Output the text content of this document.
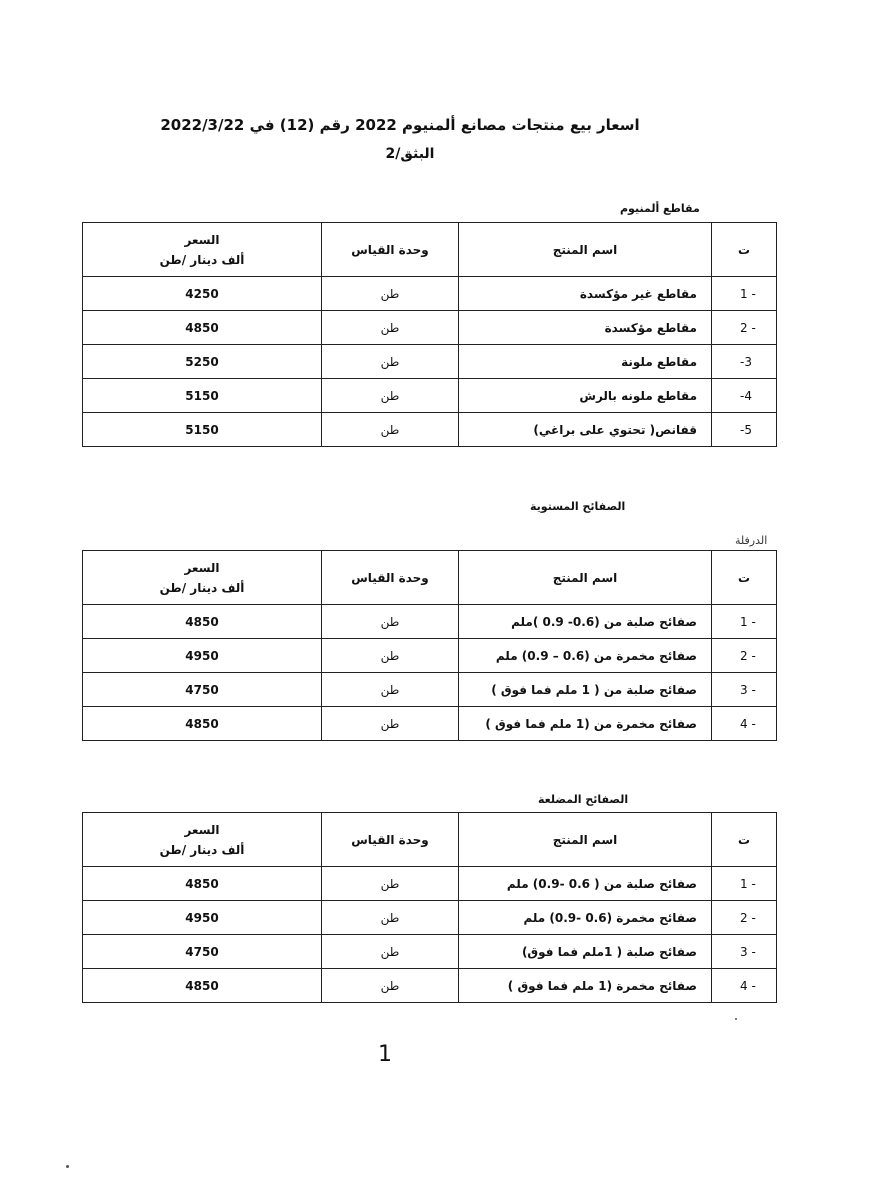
اسعار بيع منتجات مصانع ألمنيوم 2022 رقم (12) في 2022/3/22
البثق/2
مقاطع ألمنيوم
السعر
ألف دينار /طن	وحدة القياس	اسم المنتج	ت
4250	طن	مقاطع غير مؤكسدة	1 -
4850	طن	مقاطع مؤكسدة	2 -
5250	طن	مقاطع ملونة	-3
5150	طن	مقاطع ملونه بالرش	-4
5150	طن	قفانص( تحتوي على براغي)	-5
الصفائح المستوية
الدرفلة
السعر
ألف دينار /طن	وحدة القياس	اسم المنتج	ت
4850	طن	صفائح صلبة من (0.6- 0.9 )ملم	1 -
4950	طن	صفائح مخمرة من (0.6 – 0.9) ملم	2 -
4750	طن	صفائح صلبة من ( 1 ملم فما فوق )	3 -
4850	طن	صفائح مخمرة من (1 ملم فما فوق )	4 -
الصفائح المضلعة
السعر
ألف دينار /طن	وحدة القياس	اسم المنتج	ت
4850	طن	صفائح صلبة من ( 0.6 -0.9) ملم	1 -
4950	طن	صفائح مخمرة (0.6 -0.9) ملم	2 -
4750	طن	صفائح صلبة ( 1ملم فما فوق)	3 -
4850	طن	صفائح مخمرة (1 ملم فما فوق )	4 -
1
